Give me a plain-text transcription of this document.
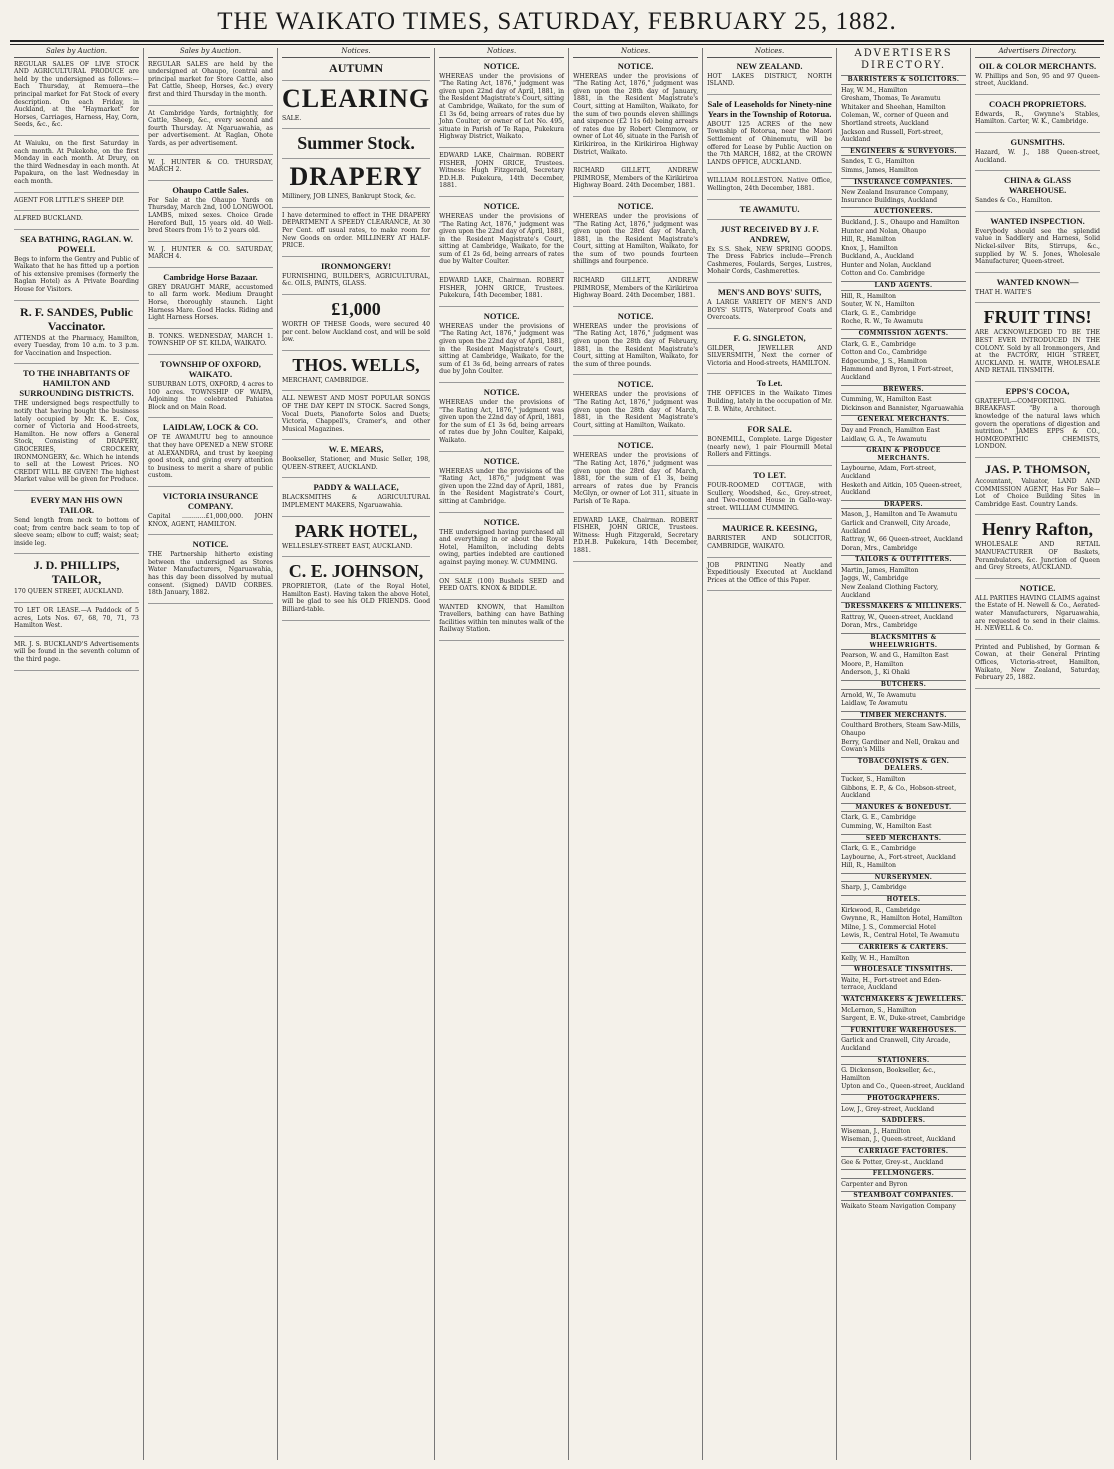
THE WAIKATO TIMES, SATURDAY, FEBRUARY 25, 1882.
Sales by Auction.

REGULAR SALES OF LIVE STOCK AND AGRICULTURAL PRODUCE are held by the undersigned as follows:— Each Thursday, at Remuera—the principal market for Fat Stock of every description. On each Friday, in Auckland, at the "Haymarket" for Horses, Carriages, Harness, Hay, Corn, Seeds, &c., &c.

At Waiuku, on the first Saturday in each month. At Pukekohe, on the first Monday in each month. At Drury, on the third Wednesday in each month. At Papakura, on the last Wednesday in each month.

AGENT FOR LITTLE'S SHEEP DIP.

ALFRED BUCKLAND.

SEA BATHING, RAGLAN. W. POWELL

Begs to inform the Gentry and Public of Waikato that he has fitted up a portion of his extensive premises (formerly the Raglan Hotel) as A Private Boarding House for Visitors.

R. F. SANDES, Public Vaccinator.

ATTENDS at the Pharmacy, Hamilton, every Tuesday, from 10 a.m. to 3 p.m. for Vaccination and Inspection.

TO THE INHABITANTS OF HAMILTON AND SURROUNDING DISTRICTS.

THE undersigned begs respectfully to notify that having bought the business lately occupied by Mr. K. E. Cox, corner of Victoria and Hood-streets, Hamilton. He now offers a General Stock, Consisting of DRAPERY, GROCERIES, CROCKERY, IRONMONGERY, &c. Which he intends to sell at the Lowest Prices. NO CREDIT WILL BE GIVEN! The highest Market value will be given for Produce.

EVERY MAN HIS OWN TAILOR.

Send length from neck to bottom of coat; from centre back seam to top of sleeve seam; elbow to cuff; waist; seat; inside leg.

J. D. PHILLIPS, TAILOR,

170 QUEEN STREET, AUCKLAND.

TO LET OR LEASE.—A Paddock of 5 acres, Lots Nos. 67, 68, 70, 71, 73 Hamilton West.

MR. J. S. BUCKLAND'S Advertisements will be found in the seventh column of the third page.

Sales by Auction.

REGULAR SALES are held by the undersigned at Ohaupo, (central and principal market for Store Cattle, also Fat Cattle, Sheep, Horses, &c.) every first and third Thursday in the month.

At Cambridge Yards, fortnightly, for Cattle, Sheep, &c., every second and fourth Thursday. At Ngaruawahia, as per advertisement. At Raglan, Ohote Yards, as per advertisement.

W. J. HUNTER & CO. THURSDAY, MARCH 2.

Ohaupo Cattle Sales.

For Sale at the Ohaupo Yards on Thursday, March 2nd, 100 LONGWOOL LAMBS, mixed sexes. Choice Grade Hereford Bull, 15 years old. 40 Well-bred Steers from 1½ to 2 years old.

W. J. HUNTER & CO. SATURDAY, MARCH 4.

Cambridge Horse Bazaar.

GREY DRAUGHT MARE, accustomed to all farm work. Medium Draught Horse, thoroughly staunch. Light Harness Mare. Good Hacks. Riding and Light Harness Horses.

B. TONKS. WEDNESDAY, MARCH 1. TOWNSHIP OF ST. KILDA, WAIKATO.

TOWNSHIP OF OXFORD, WAIKATO.

SUBURBAN LOTS, OXFORD, 4 acres to 100 acres. TOWNSHIP OF WAIPA, Adjoining the celebrated Pahiatea Block and on Main Road.

LAIDLAW, LOCK & CO.

OF TE AWAMUTU beg to announce that they have OPENED a NEW STORE at ALEXANDRA, and trust by keeping good stock, and giving every attention to business to merit a share of public custom.

VICTORIA INSURANCE COMPANY.

Capital ............£1,000,000. JOHN KNOX, AGENT, HAMILTON.

NOTICE.

THE Partnership hitherto existing between the undersigned as Stores Water Manufacturers, Ngaruawahia, has this day been dissolved by mutual consent. (Signed) DAVID CORBES. 18th January, 1882.

Notices.
AUTUMN
CLEARING

SALE.

Summer Stock.
DRAPERY

Millinery, JOB LINES, Bankrupt Stock, &c.

I have determined to effect in THE DRAPERY DEPARTMENT A SPEEDY CLEARANCE, At 30 Per Cent. off usual rates, to make room for New Goods on order. MILLINERY AT HALF-PRICE.

IRONMONGERY!

FURNISHING, BUILDER'S, AGRICULTURAL, &c. OILS, PAINTS, GLASS.

£1,000

WORTH OF THESE Goods, were secured 40 per cent. below Auckland cost, and will be sold low.

THOS. WELLS,

MERCHANT, CAMBRIDGE.

ALL NEWEST AND MOST POPULAR SONGS OF THE DAY KEPT IN STOCK. Sacred Songs, Vocal Duets, Pianoforte Solos and Duets; Victoria, Chappell's, Cramer's, and other Musical Magazines.

W. E. MEARS,

Bookseller, Stationer, and Music Seller, 198, QUEEN-STREET, AUCKLAND.

PADDY & WALLACE,

BLACKSMITHS & AGRICULTURAL IMPLEMENT MAKERS, Ngaruawahia.

PARK HOTEL,

WELLESLEY-STREET EAST, AUCKLAND.

C. E. JOHNSON,

PROPRIETOR, (Late of the Royal Hotel, Hamilton East). Having taken the above Hotel, will be glad to see his OLD FRIENDS. Good Billiard-table.

Notices.
NOTICE.

WHEREAS under the provisions of "The Rating Act, 1876," judgment was given upon 22nd day of April, 1881, in the Resident Magistrate's Court, sitting at Cambridge, Waikato, for the sum of £1 3s 6d, being arrears of rates due by John Coulter, or owner of Lot No. 495, situate in Parish of Te Rapa, Pukekura Highway District, Waikato.

EDWARD LAKE, Chairman. ROBERT FISHER, JOHN GRICE, Trustees. Witness: Hugh Fitzgerald, Secretary P.D.H.B. Pukekura, 14th December, 1881.

NOTICE.

WHEREAS under the provisions of "The Rating Act, 1876," judgment was given upon the 22nd day of April, 1881, in the Resident Magistrate's Court, sitting at Cambridge, Waikato, for the sum of £1 2s 6d, being arrears of rates due by Walter Coulter.

EDWARD LAKE, Chairman. ROBERT FISHER, JOHN GRICE, Trustees. Pukekura, 14th December, 1881.

NOTICE.

WHEREAS under the provisions of "The Rating Act, 1876," judgment was given upon the 22nd day of April, 1881, in the Resident Magistrate's Court, sitting at Cambridge, Waikato, for the sum of £1 3s 6d, being arrears of rates due by John Coulter.

NOTICE.

WHEREAS under the provisions of "The Rating Act, 1876," judgment was given upon the 22nd day of April, 1881, for the sum of £1 3s 6d, being arrears of rates due by John Coulter, Kaipaki, Waikato.

NOTICE.

WHEREAS under the provisions of the "Rating Act, 1876," judgment was given upon the 22nd day of April, 1881, in the Resident Magistrate's Court, sitting at Cambridge.

NOTICE.

THE undersigned having purchased all and everything in or about the Royal Hotel, Hamilton, including debts owing, parties indebted are cautioned against paying money. W. CUMMING.

ON SALE (100) Bushels SEED and FEED OATS. KNOX & BIDDLE.

WANTED KNOWN, that Hamilton Travellers, bathing can have Bathing facilities within ten minutes walk of the Railway Station.

Notices.
NOTICE.

WHEREAS under the provisions of "The Rating Act, 1876," judgment was given upon the 28th day of January, 1881, in the Resident Magistrate's Court, sitting at Hamilton, Waikato, for the sum of two pounds eleven shillings and sixpence (£2 11s 6d) being arrears of rates due by Robert Clemmow, or owner of Lot 46, situate in the Parish of Kirikiriroa, in the Kirikiriroa Highway District, Waikato.

RICHARD GILLETT, ANDREW PRIMROSE, Members of the Kirikiriroa Highway Board. 24th December, 1881.

NOTICE.

WHEREAS under the provisions of "The Rating Act, 1876," judgment was given upon the 28rd day of March, 1881, in the Resident Magistrate's Court, sitting at Hamilton, Waikato, for the sum of two pounds fourteen shillings and fourpence.

RICHARD GILLETT, ANDREW PRIMROSE, Members of the Kirikiriroa Highway Board. 24th December, 1881.

NOTICE.

WHEREAS under the provisions of "The Rating Act, 1876," judgment was given upon the 28th day of February, 1881, in the Resident Magistrate's Court, sitting at Hamilton, Waikato, for the sum of three pounds.

NOTICE.

WHEREAS under the provisions of "The Rating Act, 1876," judgment was given upon the 28th day of March, 1881, in the Resident Magistrate's Court, sitting at Hamilton, Waikato.

NOTICE.

WHEREAS under the provisions of "The Rating Act, 1876," judgment was given upon the 28rd day of March, 1881, for the sum of £1 3s, being arrears of rates due by Francis McGlyn, or owner of Lot 311, situate in Parish of Te Rapa.

EDWARD LAKE, Chairman. ROBERT FISHER, JOHN GRICE, Trustees. Witness: Hugh Fitzgerald, Secretary P.D.H.B. Pukekura, 14th December, 1881.

Notices.
NEW ZEALAND.

HOT LAKES DISTRICT, NORTH ISLAND.

Sale of Leaseholds for Ninety-nine Years in the Township of Rotorua.

ABOUT 125 ACRES of the new Township of Rotorua, near the Maori Settlement of Ohinemutu, will be offered for Lease by Public Auction on the 7th MARCH, 1882, at the CROWN LANDS OFFICE, AUCKLAND.

WILLIAM ROLLESTON. Native Office, Wellington, 24th December, 1881.

TE AWAMUTU.
JUST RECEIVED BY J. F. ANDREW,

Ex S.S. Shek, NEW SPRING GOODS. The Dress Fabrics include—French Cashmeres, Foulards, Serges, Lustres, Mohair Cords, Cashmerettes.

MEN'S AND BOYS' SUITS,

A LARGE VARIETY OF MEN'S AND BOYS' SUITS, Waterproof Coats and Overcoats.

F. G. SINGLETON,

GILDER, JEWELLER AND SILVERSMITH, Next the corner of Victoria and Hood-streets, HAMILTON.

To Let.

THE OFFICES in the Waikato Times Building, lately in the occupation of Mr. T. B. White, Architect.

FOR SALE.

BONEMILL, Complete. Large Digester (nearly new), 1 pair Flourmill Metal Rollers and Fittings.

TO LET.

FOUR-ROOMED COTTAGE, with Scullery, Woodshed, &c., Grey-street, and Two-roomed House in Gallo-way-street. WILLIAM CUMMING.

MAURICE R. KEESING,

BARRISTER AND SOLICITOR, CAMBRIDGE, WAIKATO.

JOB PRINTING Neatly and Expeditiously Executed at Auckland Prices at the Office of this Paper.

ADVERTISERS DIRECTORY.
BARRISTERS & SOLICITORS.
Hay, W. M., Hamilton
Gresham, Thomas, Te Awamutu
Whitaker and Sheehan, Hamilton
Coleman, W., corner of Queen and Shortland streets, Auckland
Jackson and Russell, Fort-street, Auckland
ENGINEERS & SURVEYORS.
Sandes, T. G., Hamilton
Simms, James, Hamilton
INSURANCE COMPANIES.
New Zealand Insurance Company, Insurance Buildings, Auckland
AUCTIONEERS.
Buckland, J. S., Ohaupo and Hamilton
Hunter and Nolan, Ohaupo
Hill, R., Hamilton
Knox, J., Hamilton
Buckland, A., Auckland
Hunter and Nolan, Auckland
Cotton and Co. Cambridge
LAND AGENTS.
Hill, R., Hamilton
Souter, W. N., Hamilton
Clark, G. E., Cambridge
Roche, R. W., Te Awamutu
COMMISSION AGENTS.
Clark, G. E., Cambridge
Cotton and Co., Cambridge
Edgecumbe, J. S., Hamilton
Hammond and Byron, 1 Fort-street, Auckland
BREWERS.
Cumming, W., Hamilton East
Dickinson and Bannister, Ngaruawahia
GENERAL MERCHANTS.
Day and French, Hamilton East
Laidlaw, G. A., Te Awamutu
GRAIN & PRODUCE MERCHANTS.
Laybourne, Adam, Fort-street, Auckland
Hesketh and Aitkin, 105 Queen-street, Auckland
DRAPERS.
Mason, J., Hamilton and Te Awamutu
Garlick and Cranwell, City Arcade, Auckland
Rattray, W., 66 Queen-street, Auckland
Doran, Mrs., Cambridge
TAILORS & OUTFITTERS.
Martin, James, Hamilton
Jaggs, W., Cambridge
New Zealand Clothing Factory, Auckland
DRESSMAKERS & MILLINERS.
Rattray, W., Queen-street, Auckland
Doran, Mrs., Cambridge
BLACKSMITHS & WHEELWRIGHTS.
Pearson, W. and G., Hamilton East
Moore, P., Hamilton
Anderson, J., Ki Ohaki
BUTCHERS.
Arnold, W., Te Awamutu
Laidlaw, Te Awamutu
TIMBER MERCHANTS.
Coulthard Brothers, Steam Saw-Mills, Ohaupo
Berry, Gardiner and Nell, Orakau and Cowan's Mills
TOBACCONISTS & GEN. DEALERS.
Tucker, S., Hamilton
Gibbons, E. P., & Co., Hobson-street, Auckland
MANURES & BONEDUST.
Clark, G. E., Cambridge
Cumming, W., Hamilton East
SEED MERCHANTS.
Clark, G. E., Cambridge
Laybourne, A., Fort-street, Auckland
Hill, R., Hamilton
NURSERYMEN.
Sharp, J., Cambridge
HOTELS.
Kirkwood, R., Cambridge
Gwynne, R., Hamilton Hotel, Hamilton
Milne, J. S., Commercial Hotel
Lewis, R., Central Hotel, Te Awamutu
CARRIERS & CARTERS.
Kelly, W. H., Hamilton
WHOLESALE TINSMITHS.
Waite, H., Fort-street and Eden-terrace, Auckland
WATCHMAKERS & JEWELLERS.
McLernon, S., Hamilton
Sargent, E. W., Duke-street, Cambridge
FURNITURE WAREHOUSES.
Garlick and Cranwell, City Arcade, Auckland
STATIONERS.
G. Dickenson, Bookseller, &c., Hamilton
Upton and Co., Queen-street, Auckland
PHOTOGRAPHERS.
Low, J., Grey-street, Auckland
SADDLERS.
Wiseman, J., Hamilton
Wiseman, J., Queen-street, Auckland
CARRIAGE FACTORIES.
Gee & Potter, Grey-st., Auckland
FELLMONGERS.
Carpenter and Byron
STEAMBOAT COMPANIES.
Waikato Steam Navigation Company
Advertisers Directory.
OIL & COLOR MERCHANTS.

W. Phillips and Son, 95 and 97 Queen-street, Auckland.

COACH PROPRIETORS.

Edwards, R., Gwynne's Stables, Hamilton. Carter, W. K., Cambridge.

GUNSMITHS.

Hazard, W. J., 188 Queen-street, Auckland.

CHINA & GLASS WAREHOUSE.

Sandes & Co., Hamilton.

WANTED INSPECTION.

Everybody should see the splendid value in Saddlery and Harness, Solid Nickel-silver Bits, Stirrups, &c., supplied by W. S. Jones, Wholesale Manufacturer, Queen-street.

WANTED KNOWN—

THAT H. WAITE'S

FRUIT TINS!

ARE ACKNOWLEDGED TO BE THE BEST EVER INTRODUCED IN THE COLONY. Sold by all Ironmongers, And at the FACTORY, HIGH STREET, AUCKLAND. H. WAITE, WHOLESALE AND RETAIL TINSMITH.

EPPS'S COCOA,

GRATEFUL—COMFORTING. BREAKFAST. "By a thorough knowledge of the natural laws which govern the operations of digestion and nutrition." JAMES EPPS & CO., HOMŒOPATHIC CHEMISTS, LONDON.

JAS. P. THOMSON,

Accountant, Valuator, LAND AND COMMISSION AGENT, Has For Sale— Lot of Choice Building Sites in Cambridge East. Country Lands.

Henry Rafton,

WHOLESALE AND RETAIL MANUFACTURER OF Baskets, Perambulators, &c. Junction of Queen and Grey Streets, AUCKLAND.

NOTICE.

ALL PARTIES HAVING CLAIMS against the Estate of H. Newell & Co., Aerated-water Manufacturers, Ngaruawahia, are requested to send in their claims. H. NEWELL & Co.

Printed and Published, by Gorman & Cowan, at their General Printing Offices, Victoria-street, Hamilton, Waikato, New Zealand, Saturday, February 25, 1882.
